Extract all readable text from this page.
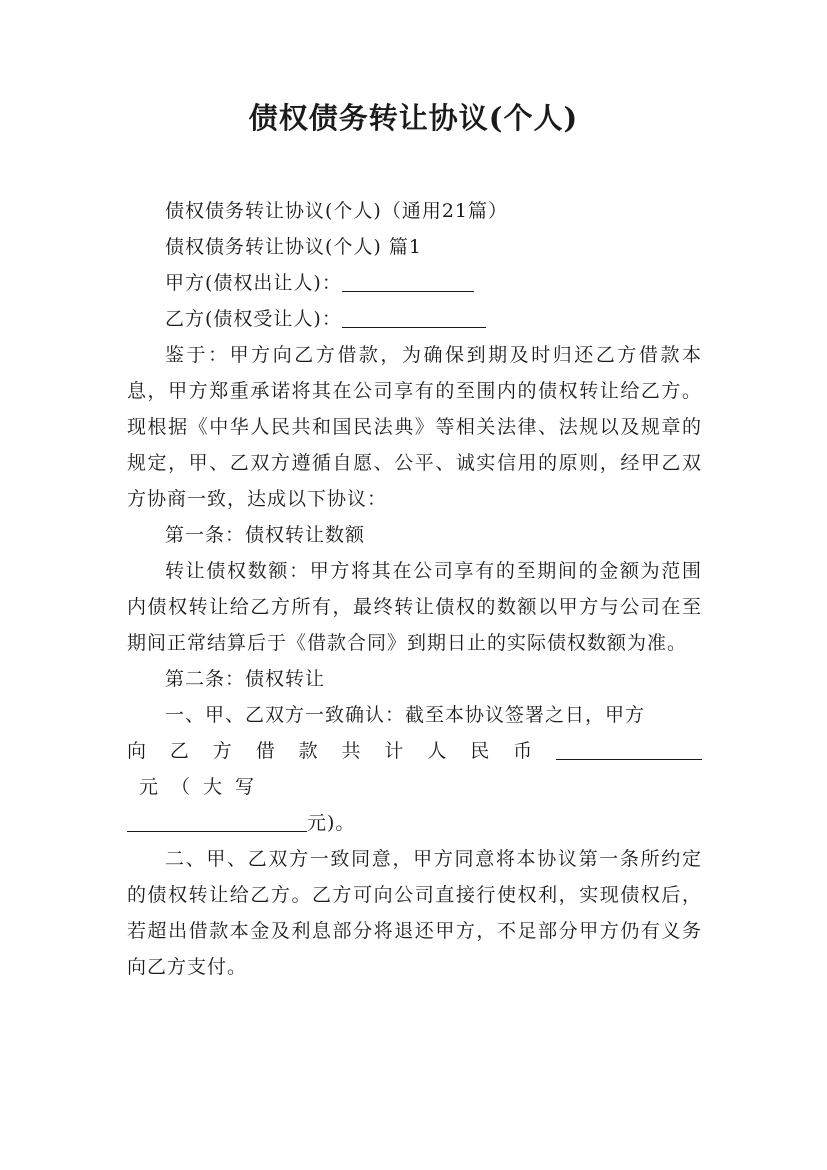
债权债务转让协议(个人)

债权债务转让协议(个人)（通用21篇）

债权债务转让协议(个人) 篇1

甲方(债权出让人)：

乙方(债权受让人)：

鉴于：甲方向乙方借款，为确保到期及时归还乙方借款本息，甲方郑重承诺将其在公司享有的至围内的债权转让给乙方。现根据《中华人民共和国民法典》等相关法律、法规以及规章的规定，甲、乙双方遵循自愿、公平、诚实信用的原则，经甲乙双方协商一致，达成以下协议：

第一条：债权转让数额

转让债权数额：甲方将其在公司享有的至期间的金额为范围内债权转让给乙方所有，最终转让债权的数额以甲方与公司在至期间正常结算后于《借款合同》到期日止的实际债权数额为准。

第二条：债权转让

一、甲、乙双方一致确认：截至本协议签署之日，甲方
向乙方借款共计人民币元（大写
元)。

二、甲、乙双方一致同意，甲方同意将本协议第一条所约定的债权转让给乙方。乙方可向公司直接行使权利，实现债权后，若超出借款本金及利息部分将退还甲方，不足部分甲方仍有义务向乙方支付。
